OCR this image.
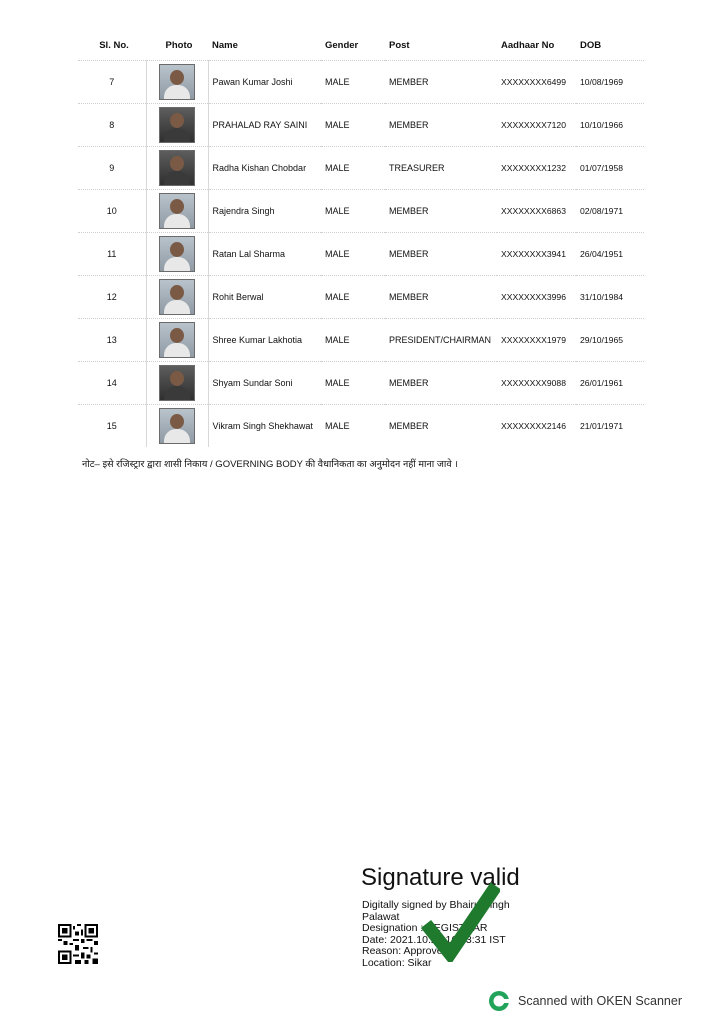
Sl. No.	Photo	Name	Gender	Post	Aadhaar No	DOB
7		Pawan Kumar Joshi	MALE	MEMBER	XXXXXXXX6499	10/08/1969
8		PRAHALAD RAY SAINI	MALE	MEMBER	XXXXXXXX7120	10/10/1966
9		Radha Kishan Chobdar	MALE	TREASURER	XXXXXXXX1232	01/07/1958
10		Rajendra Singh	MALE	MEMBER	XXXXXXXX6863	02/08/1971
11		Ratan Lal Sharma	MALE	MEMBER	XXXXXXXX3941	26/04/1951
12		Rohit Berwal	MALE	MEMBER	XXXXXXXX3996	31/10/1984
13		Shree Kumar Lakhotia	MALE	PRESIDENT/CHAIRMAN	XXXXXXXX1979	29/10/1965
14		Shyam Sundar Soni	MALE	MEMBER	XXXXXXXX9088	26/01/1961
15		Vikram Singh Shekhawat	MALE	MEMBER	XXXXXXXX2146	21/01/1971
नोट– इसे रजिस्ट्रार द्वारा शासी निकाय / GOVERNING BODY की वैधानिकता का अनुमोदन नहीं माना जावे ।
Signature valid
Digitally signed by Bhairu Singh
Palawat
Designation : REGISTRAR
Date: 2021.10.26 16:23:31 IST
Reason: Approved
Location: Sikar
Scanned with OKEN Scanner
